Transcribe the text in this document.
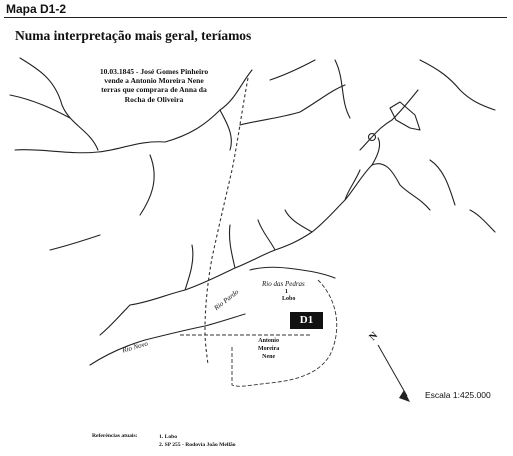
Mapa D1-2
Numa interpretação mais geral, teríamos
10.03.1845 - José Gomes Pinheiro
vende a Antonio Moreira Nene
terras que comprara de Anna da
Rocha de Oliveira
Rio Pardo
Rio Novo
Rio das Pedras
1
Lobo
Antonio
Moreira
Nene
D1
N
Escala 1:425.000
Referências atuais:	1. Lobo
2. SP 255 - Rodovia João Mellão
